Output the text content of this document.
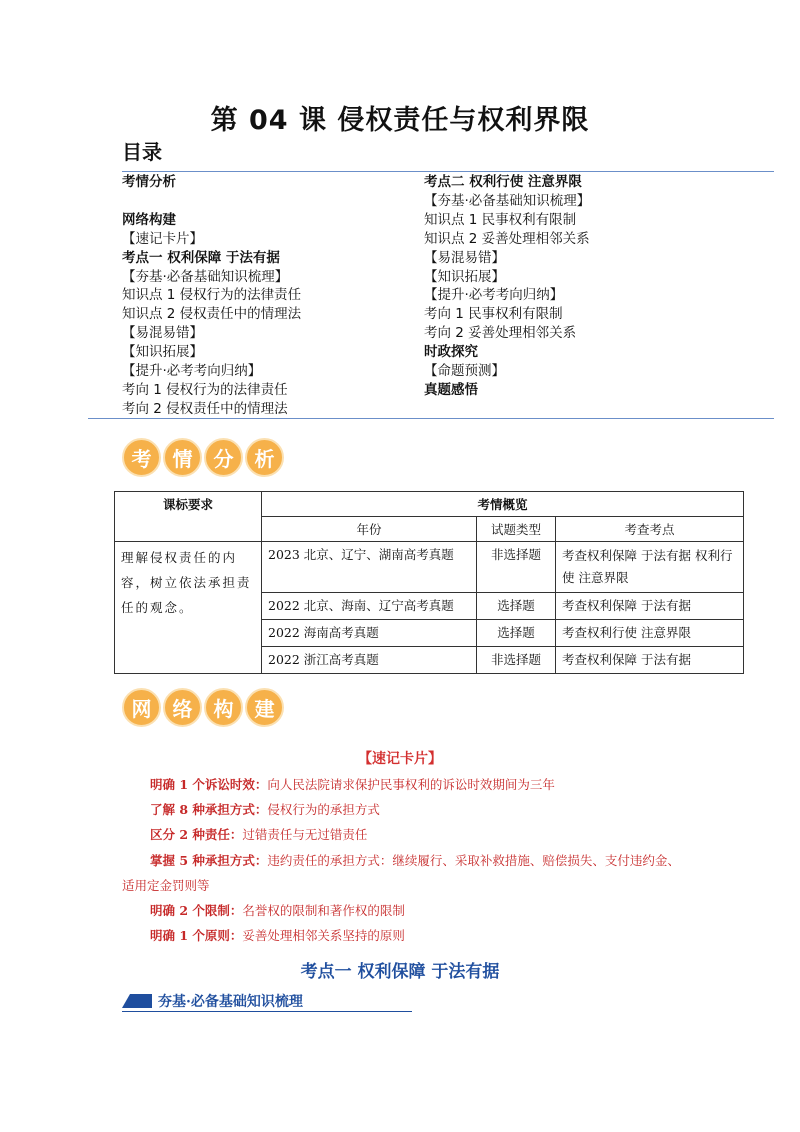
第 04 课 侵权责任与权利界限
目录
考情分析

网络构建
【速记卡片】
考点一 权利保障 于法有据
【夯基·必备基础知识梳理】
知识点 1 侵权行为的法律责任
知识点 2 侵权责任中的情理法
【易混易错】
【知识拓展】
【提升·必考考向归纳】
考向 1 侵权行为的法律责任
考向 2 侵权责任中的情理法
考点二 权利行使 注意界限
【夯基·必备基础知识梳理】
知识点 1 民事权利有限制
知识点 2 妥善处理相邻关系
【易混易错】
【知识拓展】
【提升·必考考向归纳】
考向 1 民事权利有限制
考向 2 妥善处理相邻关系
时政探究
【命题预测】
真题感悟
考	情	分	析
课标要求	考情概览		
	年份	试题类型	考查考点
理解侵权责任的内容，树立依法承担责任的观念。	2023 北京、辽宁、湖南高考真题	非选择题	考查权利保障 于法有据 权利行使 注意界限
	2022 北京、海南、辽宁高考真题	选择题	考查权利保障 于法有据
	2022 海南高考真题	选择题	考查权利行使 注意界限
	2022 浙江高考真题	非选择题	考查权利保障 于法有据
网	络	构	建
【速记卡片】
明确 1 个诉讼时效：向人民法院请求保护民事权利的诉讼时效期间为三年
了解 8 种承担方式：侵权行为的承担方式
区分 2 种责任：过错责任与无过错责任
掌握 5 种承担方式：违约责任的承担方式：继续履行、采取补救措施、赔偿损失、支付违约金、适用定金罚则等
明确 2 个限制：名誉权的限制和著作权的限制
明确 1 个原则：妥善处理相邻关系坚持的原则
考点一 权利保障 于法有据
夯基·必备基础知识梳理
